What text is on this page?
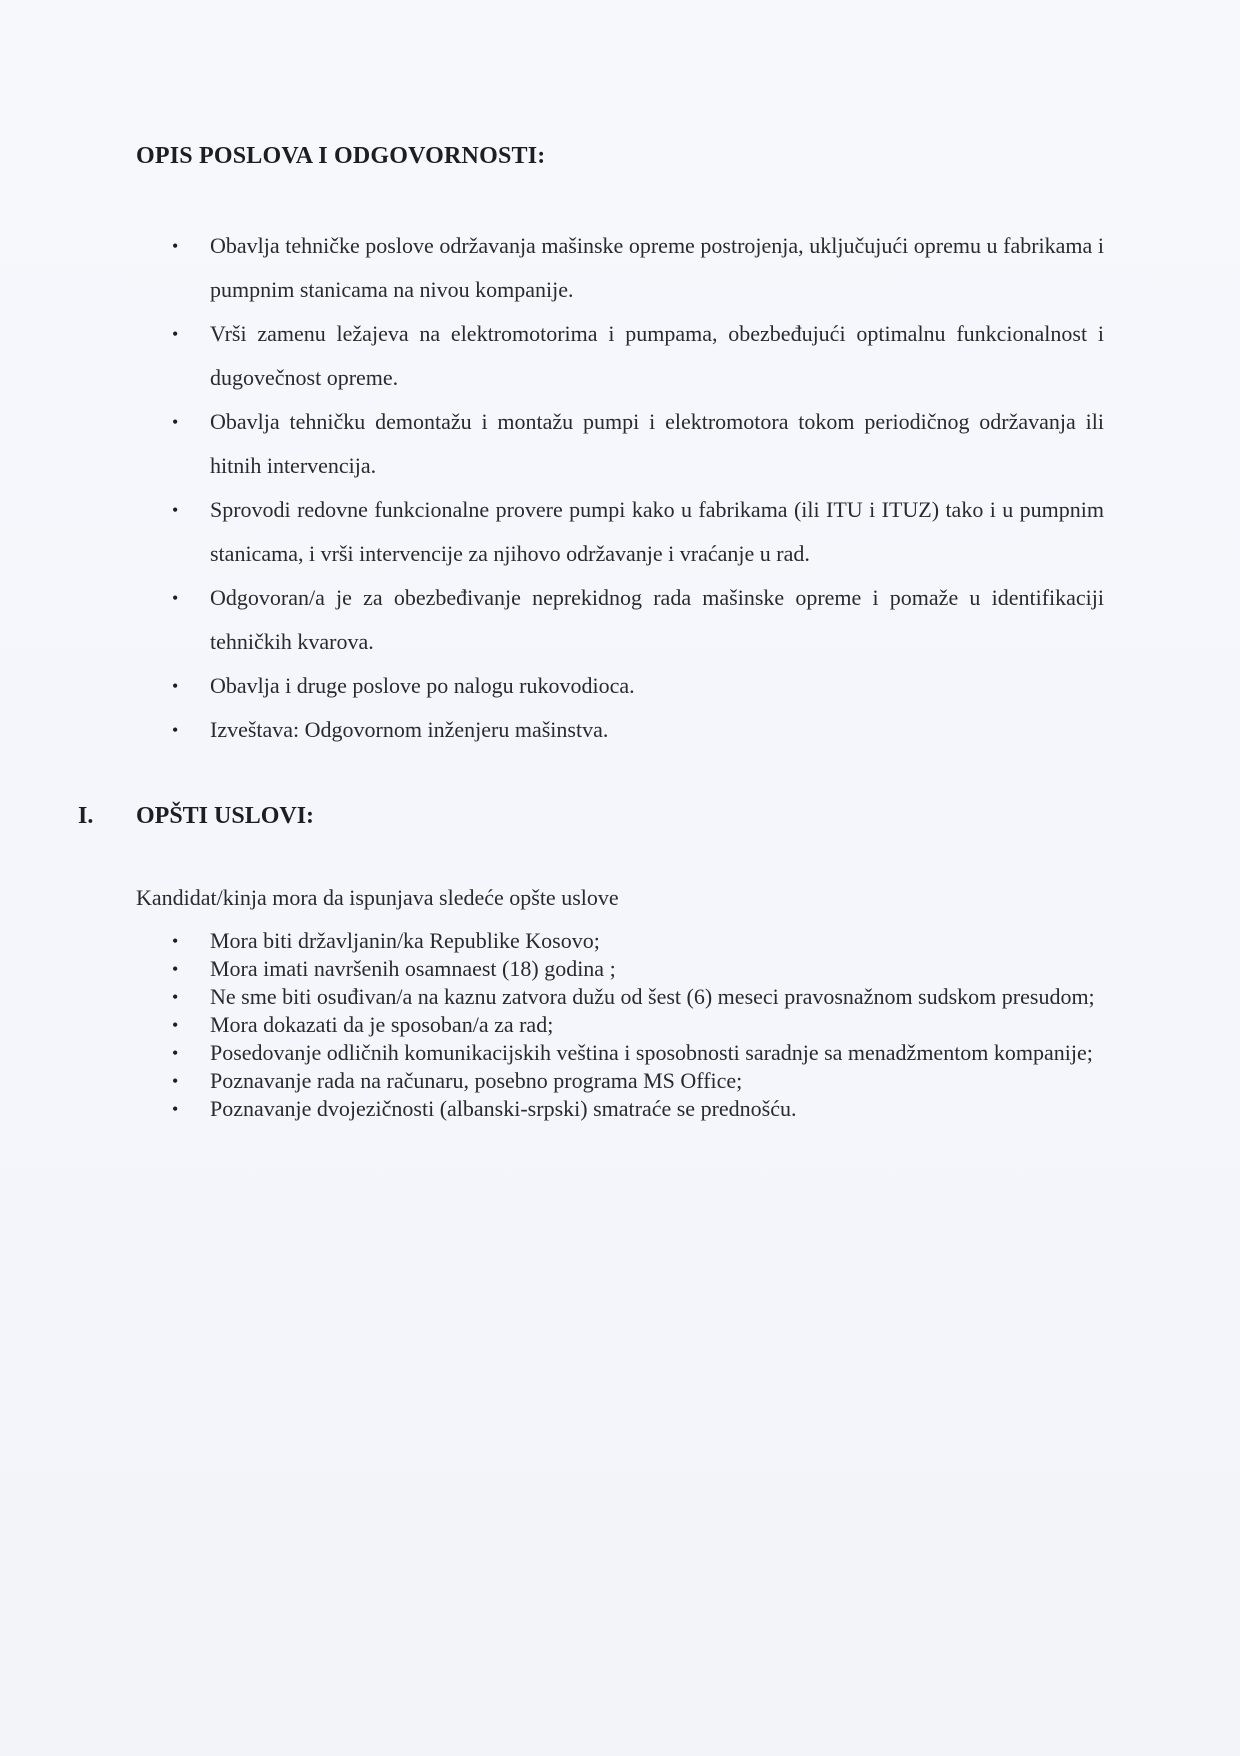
OPIS POSLOVA I ODGOVORNOSTI:
• Obavlja tehničke poslove održavanja mašinske opreme postrojenja, uključujući opremu u fabrikama i pumpnim stanicama na nivou kompanije.
• Vrši zamenu ležajeva na elektromotorima i pumpama, obezbeđujući optimalnu funkcionalnost i dugovečnost opreme.
• Obavlja tehničku demontažu i montažu pumpi i elektromotora tokom periodičnog održavanja ili hitnih intervencija.
• Sprovodi redovne funkcionalne provere pumpi kako u fabrikama (ili ITU i ITUZ) tako i u pumpnim stanicama, i vrši intervencije za njihovo održavanje i vraćanje u rad.
• Odgovoran/a je za obezbeđivanje neprekidnog rada mašinske opreme i pomaže u identifikaciji tehničkih kvarova.
• Obavlja i druge poslove po nalogu rukovodioca.
• Izveštava: Odgovornom inženjeru mašinstva.
I. OPŠTI USLOVI:
Kandidat/kinja mora da ispunjava sledeće opšte uslove
• Mora biti državljanin/ka Republike Kosovo;
• Mora imati navršenih osamnaest (18) godina ;
• Ne sme biti osuđivan/a na kaznu zatvora dužu od šest (6) meseci pravosnažnom sudskom presudom;
• Mora dokazati da je sposoban/a za rad;
• Posedovanje odličnih komunikacijskih veština i sposobnosti saradnje sa menadžmentom kompanije;
• Poznavanje rada na računaru, posebno programa MS Office;
• Poznavanje dvojezičnosti (albanski-srpski) smatraće se prednošću.
